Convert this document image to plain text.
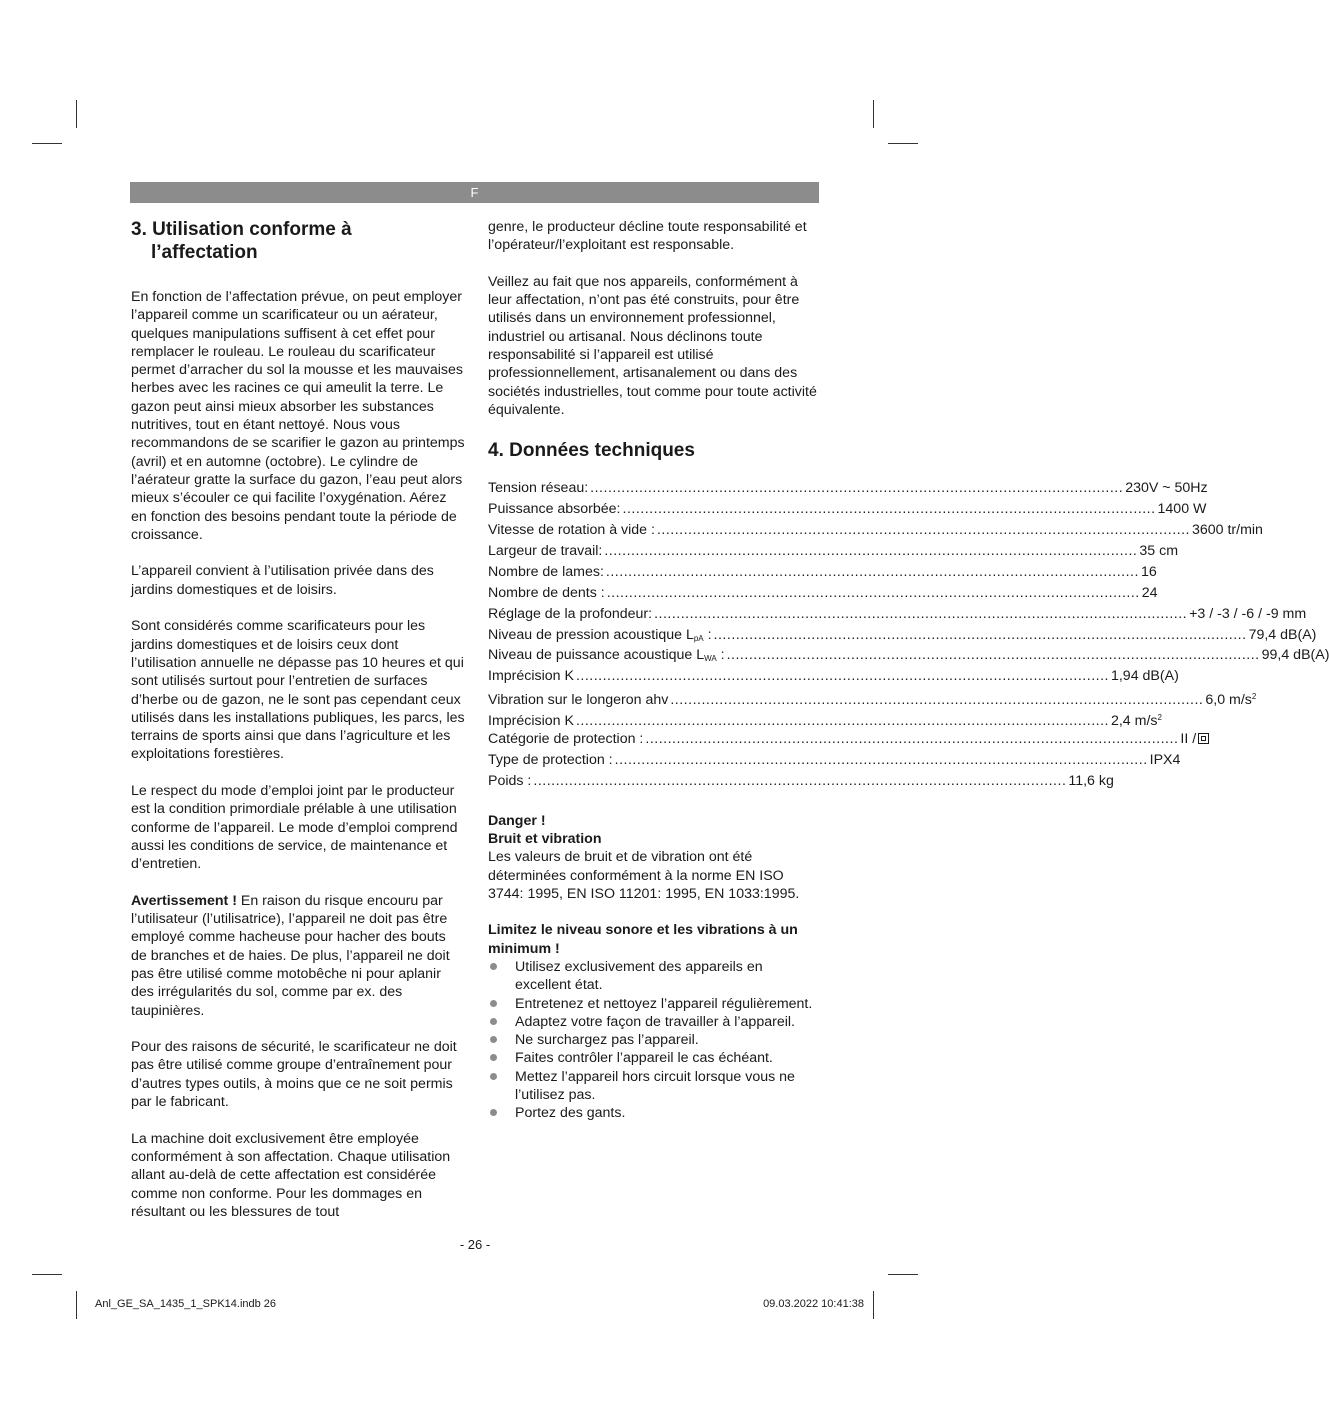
F
3. Utilisation conforme à
l’affectation

En fonction de l’affectation prévue, on peut employer l’appareil comme un scarificateur ou un aérateur, quelques manipulations suffisent à cet effet pour remplacer le rouleau. Le rouleau du scarificateur permet d’arracher du sol la mousse et les mauvaises herbes avec les racines ce qui ameulit la terre. Le gazon peut ainsi mieux absorber les substances nutritives, tout en étant nettoyé. Nous vous recommandons de se scarifier le gazon au printemps (avril) et en automne (octobre). Le cylindre de l’aérateur gratte la surface du gazon, l’eau peut alors mieux s’écouler ce qui facilite l’oxygénation. Aérez en fonction des besoins pendant toute la période de croissance.

L’appareil convient à l’utilisation privée dans des jardins domestiques et de loisirs.

Sont considérés comme scarificateurs pour les jardins domestiques et de loisirs ceux dont l’utilisation annuelle ne dépasse pas 10 heures et qui sont utilisés surtout pour l’entretien de surfaces d’herbe ou de gazon, ne le sont pas cependant ceux utilisés dans les installations publiques, les parcs, les terrains de sports ainsi que dans l’agriculture et les exploitations forestières.

Le respect du mode d’emploi joint par le producteur est la condition primordiale prélable à une utilisation conforme de l’appareil. Le mode d’emploi comprend aussi les conditions de service, de maintenance et d’entretien.

Avertissement ! En raison du risque encouru par l’utilisateur (l’utilisatrice), l’appareil ne doit pas être employé comme hacheuse pour hacher des bouts de branches et de haies. De plus, l’appareil ne doit pas être utilisé comme motobêche ni pour aplanir des irrégularités du sol, comme par ex. des taupinières.

Pour des raisons de sécurité, le scarificateur ne doit pas être utilisé comme groupe d’entraînement pour d’autres types outils, à moins que ce ne soit permis par le fabricant.

La machine doit exclusivement être employée conformément à son affectation. Chaque utilisation allant au-delà de cette affectation est considérée comme non conforme. Pour les dommages en résultant ou les blessures de tout

genre, le producteur décline toute responsabilité et l’opérateur/l’exploitant est responsable.

Veillez au fait que nos appareils, conformément à leur affectation, n’ont pas été construits, pour être utilisés dans un environnement professionnel, industriel ou artisanal. Nous déclinons toute responsabilité si l’appareil est utilisé professionnellement, artisanalement ou dans des sociétés industrielles, tout comme pour toute activité équivalente.

4. Données techniques
Tension réseau: ........................................................................................................................ 230V ~ 50Hz
Puissance absorbée: ........................................................................................................................ 1400 W
Vitesse de rotation à vide : ........................................................................................................................ 3600 tr/min
Largeur de travail: ........................................................................................................................ 35 cm
Nombre de lames: ........................................................................................................................ 16
Nombre de dents : ........................................................................................................................ 24
Réglage de la profondeur: ........................................................................................................................ +3 / -3 / -6 / -9 mm
Niveau de pression acoustique $L_{pA}$ : ........................................................................................................................ 79,4 dB(A)
Niveau de puissance acoustique $L_{WA}$ : ........................................................................................................................ 99,4 dB(A)
Imprécision K ........................................................................................................................ 1,94 dB(A)
Vibration sur le longeron ahv ........................................................................................................................ 6,0 $m/s^2$
Imprécision K ........................................................................................................................ 2,4 $m/s^2$
Catégorie de protection : ........................................................................................................................ II /
Type de protection : ........................................................................................................................ IPX4
Poids : ........................................................................................................................ 11,6 kg
Danger !
Bruit et vibration

Les valeurs de bruit et de vibration ont été déterminées conformément à la norme EN ISO 3744: 1995, EN ISO 11201: 1995, EN 1033:1995.

Limitez le niveau sonore et les vibrations à un minimum !
Utilisez exclusivement des appareils en excellent état.
Entretenez et nettoyez l’appareil régulièrement.
Adaptez votre façon de travailler à l’appareil.
Ne surchargez pas l’appareil.
Faites contrôler l’appareil le cas échéant.
Mettez l’appareil hors circuit lorsque vous ne l’utilisez pas.
Portez des gants.
- 26 -
Anl_GE_SA_1435_1_SPK14.indb 26	09.03.2022 10:41:38
